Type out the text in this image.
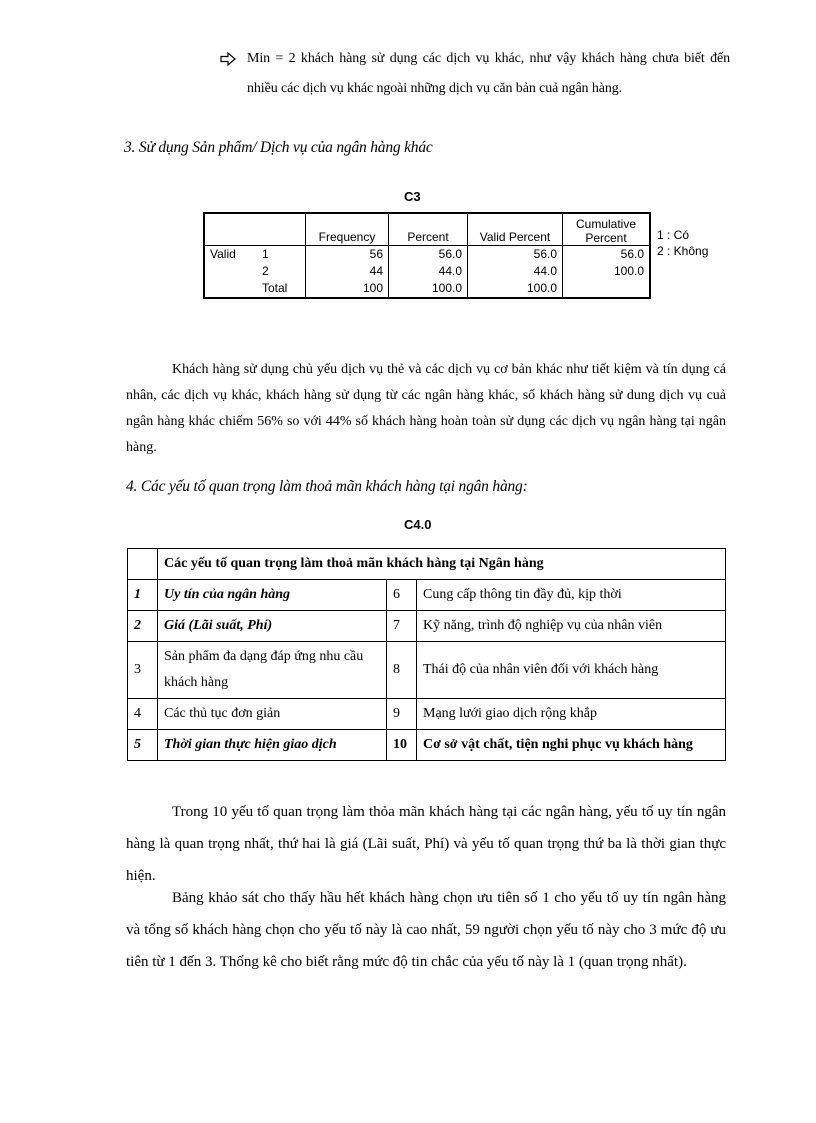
Min = 2 khách hàng sử dụng các dịch vụ khác, như vậy khách hàng chưa biết đến nhiều các dịch vụ khác ngoài những dịch vụ căn bản cuả ngân hàng.
3. Sử dụng Sản phẩm/ Dịch vụ của ngân hàng khác
C3
		Frequency	Percent	Valid Percent	Cumulative Percent
Valid	1	56	56.0	56.0	56.0
	2	44	44.0	44.0	100.0
	Total	100	100.0	100.0	
1 : Có
2 : Không
Khách hàng sử dụng chủ yếu dịch vụ thẻ và các dịch vụ cơ bản khác như tiết kiệm và tín dụng cá nhân, các dịch vụ khác, khách hàng sử dụng từ các ngân hàng khác, số khách hàng sử dung dịch vụ cuả ngân hàng khác chiếm 56% so với 44% số khách hàng hoàn toàn sử dụng các dịch vụ ngân hàng tại ngân hàng.
4. Các yếu tố quan trọng làm thoả mãn khách hàng tại ngân hàng:
C4.0
	Các yếu tố quan trọng làm thoả mãn khách hàng tại Ngân hàng		
1	Uy tín của ngân hàng	6	Cung cấp thông tin đầy đủ, kịp thời
2	Giá (Lãi suất, Phí)	7	Kỹ năng, trình độ nghiệp vụ của nhân viên
3	Sản phẩm đa dạng đáp ứng nhu cầu khách hàng	8	Thái độ của nhân viên đối với khách hàng
4	Các thủ tục đơn giản	9	Mạng lưới giao dịch rộng khắp
5	Thời gian thực hiện giao dịch	10	Cơ sở vật chất, tiện nghi phục vụ khách hàng
Trong 10 yếu tố quan trọng làm thỏa mãn khách hàng tại các ngân hàng, yếu tố uy tín ngân hàng là quan trọng nhất, thứ hai là giá (Lãi suất, Phí) và yếu tố quan trọng thứ ba là thời gian thực hiện.
Bảng khảo sát cho thấy hầu hết khách hàng chọn ưu tiên số 1 cho yếu tố uy tín ngân hàng và tổng số khách hàng chọn cho yếu tố này là cao nhất, 59 người chọn yếu tố này cho 3 mức độ ưu tiên từ 1 đến 3. Thống kê cho biết rằng mức độ tin chắc của yếu tố này là 1 (quan trọng nhất).
